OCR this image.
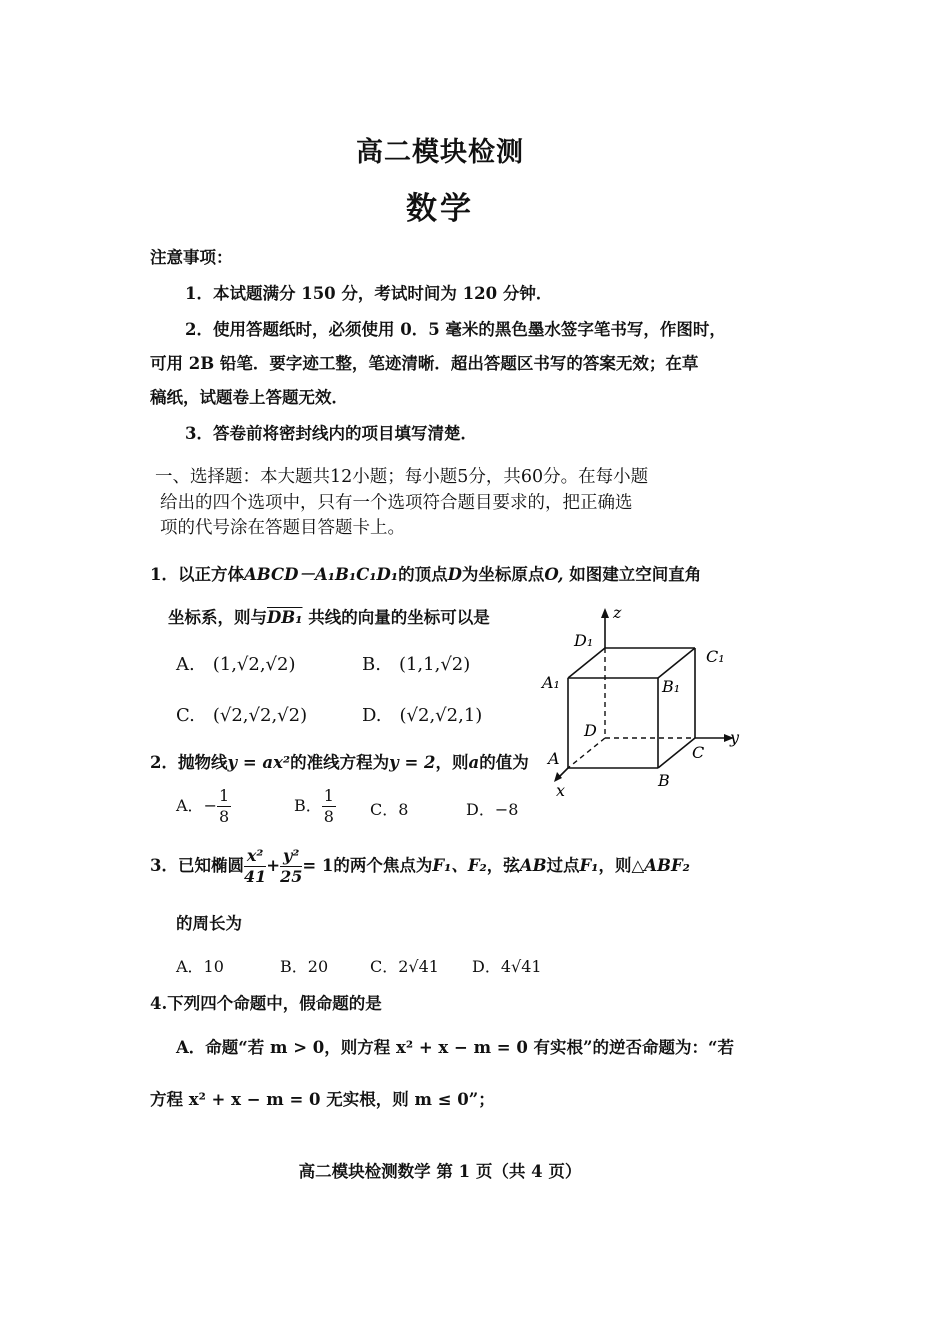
高二模块检测
数学
注意事项：
1．本试题满分 150 分，考试时间为 120 分钟．
2．使用答题纸时，必须使用 0．5 毫米的黑色墨水签字笔书写，作图时，
可用 2B 铅笔．要字迹工整，笔迹清晰．超出答题区书写的答案无效；在草
稿纸，试题卷上答题无效．
3．答卷前将密封线内的项目填写清楚．
一、选择题：本大题共12小题；每小题5分，共60分。在每小题
给出的四个选项中，只有一个选项符合题目要求的，把正确选
项的代号涂在答题目答题卡上。
1．以正方体ABCD－A₁B₁C₁D₁的顶点D为坐标原点O, 如图建立空间直角
坐标系，则与DB₁ 共线的向量的坐标可以是
A.　(1,√2,√2)	B.　(1,1,√2)
C.　(√2,√2,√2)	D.　(√2,√2,1)
z
y
x
D₁
C₁
A₁	B₁
D
C
A
B
2．抛物线y = ax²的准线方程为y = 2，则a的值为
A．− $\frac{1}{8}$	B． $\frac{1}{8}$ C．8	D．−8
3．已知椭圆 $\frac{\text{x²}}{41} + \frac{\text{y²}}{25} = 1$的两个焦点为F₁、F₂，弦AB过点F₁，则△ABF₂
的周长为
A．10	B．20	C．2√41 D．4√41
4.下列四个命题中，假命题的是
A．命题“若 m > 0，则方程 x² + x − m = 0 有实根”的逆否命题为：“若
方程 x² + x − m = 0 无实根，则 m ≤ 0”；
高二模块检测数学 第 1 页（共 4 页）
